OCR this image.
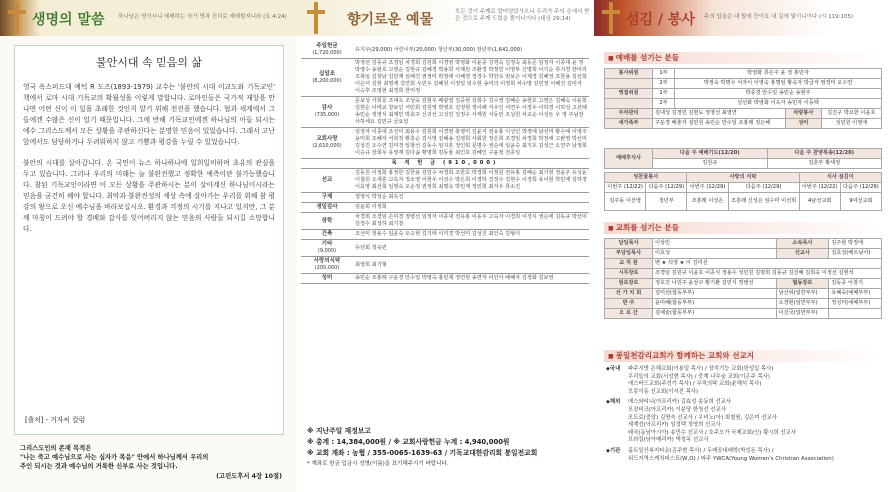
생명의 말씀 하나님은 영이시니 예배하는 자가 영과 진리로 예배할지니라 (요 4:24)
불안시대 속 믿음의 삶
영국 옥스퍼드대 예턱 R 도즈(1893-1979) 교수는 '불안의 시대 이교도와 기독교인' 책에서 로마 시대 기독교의 확월성을 이렇게 말합니다. 로마인들은 국가적 재앙을 만나면 어떤 신이 이 일을 초래한 것인지 알기 위해 전전을 했습니다. 협과 세계에서 그들에겐 수많은 신이 있기 때문입니다. 그에 반해 기독교인에겐 하나님의 아들 되시는 예수 그리스도께서 모든 상황을 주관하신다는 분명한 믿음이 있었습니다. 그래서 고난 앞에서도 담담하거나 두려워하지 않고 기쁨과 평강을 누릴 수 있었습니다.
불안의 시대를 살아갑니다. 온 국민이 뉴스 하나하나에 일희일비하며 초유의 관심을 두고 있습니다. 그러나 우리의 미래는 늘 불완전했고 정확한 예측이란 불가능했습니다. 참된 기독교인이라면 이 모든 상황을 주관하시는 분이 살아계신 하나님이시라는 믿음을 굳건히 해야 합니다. 최악과 불완전성의 세상 속에 살아가는 우리를 위해 참 평강의 왕으로 오신 예수님을 바라보십시오. 환경과 걱정의 시기를 지나고 있지만, 그 분께 마칭이 드려야 할 경배와 감사를 잊어버리지 않는 믿음의 사람들 되시길 소망합니다.
[출처] - 거자씨 칼럼
그리스도인의 존재 목적은
"나는 죽고 예수님으로 사는 십자가 복음" 안에서 하나님께서 우리의
주인 되시는 것과 예수님의 거룩한 신부로 사는 것입니다.
(고린도후서 4장 10절)
향기로운 예물	모든 것이 주께로 말미암았사오니 우리가 주의 손에서 받은 것으로 주께 드렸을 뿐이니이다 (대상 29:14)
주일헌금
(1,720,000)	유지우(29,000) 어린이부(20,000) 청년부(30,000) 장년부(1,641,000)
십일조
(8,200,000)	박정선 김동규 조경임 차경희 김원희 이경영 박영화 이윤중 강경숙 김정숙 최동준 임정자 이종대 윤 정 박영수 송현호 고영순 김현규 김혜경 박용희 사계원 조환경 박정민 이영부 신명희 이기순 류지경 한미리 조복임 김창남 김민재 심해진 권정미 박정애 이혜정 정경수 박한옥 권보은 이제경 김혜정 조한용 김선희 이은서 김현 최명재 김연희 우민우 김혜원 이정일 임수현 송미의 이정희 차수명 김민정 서혜진 김미자 이승후 조영현 최경희 한미정
감사
(735,000)	문보성 사희룡 조대옥 조성숙 김현우 배광열 김중현 김희수 김수영 김혜순 송현호 고영은 김혜숙 이윤희 김현순 이태교 장보인 서민희 김원영 박영호 김정현 정이해 서우인 서연우 서정우 이하경 이하성 고선례 송민순 정영식 최재민 박효주 신귀선 고성민 김정수 서재원 서동민 조성원 차교순 이성돈 우 영 주님감사하세요 김민규 금요일
교회사랑
(2,610,000)	임정자 이종대 조선미 최용수 김원희 이경영 홍영미 김윤지 전유홍 이성인 박정애 남선미 황수애 이영주 윤미희 조혜자 서희정 황흥순 김시영 김혜송 김영희 사회원 정은희 조경임 차경희 박정애 고완영 박선미 김성진 오수연 김미경 임창선 김동수 임지훈 정인희 문명수 권순애 임윤숙 최지호 김성근 오연주 남정희 이승규 장희우 유영재 김다솜 황명희 김동율 최인호 김혜인 구윤정 전종일
목 적 헌 금 (910,000)	
선교	김동원 이정희 홍정한 김한용 김민수 차경희 조한호 박경희 이정원 전유홍 김혜순 최기현 정윤주 유성윤 이철원 오세훈 고옥자 정소영 이현우 이성수 박은희 이경하 김정수 김현수 이경희 유이현 박민재 김하정 이효영 최선희 임영숙 오순정 권정희 최명숙 박민재 정민희 최지우 류소진
구제	정영식 박성순 최옥진
생일감사	임윤희 이정희
장학	차경희 조경임 손미경 정병선 임정자 이종대 전유홍 이동우 고숙자 이경희 이경식 권순애 김동규 박선미 김정수 최성하 최기창
건축	조선미 정용수 임윤숙 오승현 김기태 이미경 박선미 김성진 최인숙 김형식
기타
(9,000)	유년회 청육빈
사랑의식탁
(200,000)	최영희 최기형
성미	송민순 조홍래 구윤경 안수일 박명옥 홍민재 정연현 송연자 이인아 배혜자 김정화 김보영
※ 지난주일 재정보고
※ 총계 : 14,384,000원 / ※ 교회사랑헌금 누계 : 4,940,000원
※ 교회 계좌 : 농협 / 355-0065-1639-63 / 기독교대한감리회 봉일전교회
* 계좌로 헌금 입금시 성명(이름)을 표기해주시기 바랍니다.
섬김 / 봉사 주의 입을은 내 발에 등이요 내 길에 빛이니이다 (시 119:105)
■ 예배를 섬기는 분들
봉사위원	1부	박영화 류은주 윤 정 홍민자		
	2부	박정숙 박명수 서자이 이영숙 홍명임 황숙자 박금자 염정미 오수연		
영접위원	1부	박종경 안수일 송민순 송현주		
	2부	성선화 박영화 이옥자 송민자 이동택		
주차관리	김대성 김정민 김현도 정영선 최영연		차량봉사	김진구 박요한 이윤호
새가족부	구둔경 배춘자 설민원 송민순 안수일 조홍래 정은혜		성미	성민원 이영애
예배후식사	다음 주 예배기도(12/20)	다음 주 찬양특송(12/20)
	김원규	김훈부 황세정
성찬꽃봉사		사랑의 식탁		식사 섬김이	
이번주 (12/22)	다음주 (12/29)	이번주 (12/29)	다음주 (12/29)	이번주 (12/22)	다음주 (12/29)
김주동 이선영	청년부	조흥래 이성은	조흥래 신성은 심수미 이선희	4남선교회	9여선교회
■ 교회를 섬기는 분들
담임목사	이상민	소속목사	김주현 박정애
부담임목사	이효성	선교사	김호성(베트남사)
교 직 원	변 ★ 석영 ★ 이 김미선		
시무장로	조경임 김원규 이윤호 이종식 정용수 성민원 김명희 김동규 김진혜 김희숙 이정선 김현석		
원로장로	정호진 나원주 윤상구 황기환 김민식 정병선	협동장로	김동중 이창기
선 가 치 회	김미선(합동부부)	남선위(일반부부)	유혜숙(예배부부)
반 주	윤미혜(합동부부)	소경현(일반부부)	정성미(예배부부)
오 르 간	김예슬(합동부부)	이진국(일반부부)	
■ 봉일천감리교회가 함께하는 교회와 선교지
◆ 국내	파주지방 은혜교회(이용일 목사) / 장지기능 교회(한성일 목사)
우리들의 교회(서성현 목사) / 중계 나무숲 교회(이은주 목사)
에스바드교회(주성기 목사) / 무적의탁 교회(윤해석 목사)
모몽이동 선교회(이서진 목사)
◆ 해외	에스와티니(아프리카) 김효성 송동희 선교사
모잠비크(아프리카) 이분당 한청선 선교사
모도로(중앙) 김명숙 선교사 / 우비노(아) 최철원, 김은미 선교사
세계선(아프리카) 임정택 정영희 선교사
태국(동남아시아) 송민수 선교사 / 호주오가 국제교회(인) 황시희 선교사
브라질(남아메리카) 박정옥 선교사
◆ 기관	홀트일산복지타운(김주현 목사) / 두레공내래학(박성돈 목사) /
위드지역스케치피스트(W,O) / 파주 YWCA(Young Women's Christian Association)
